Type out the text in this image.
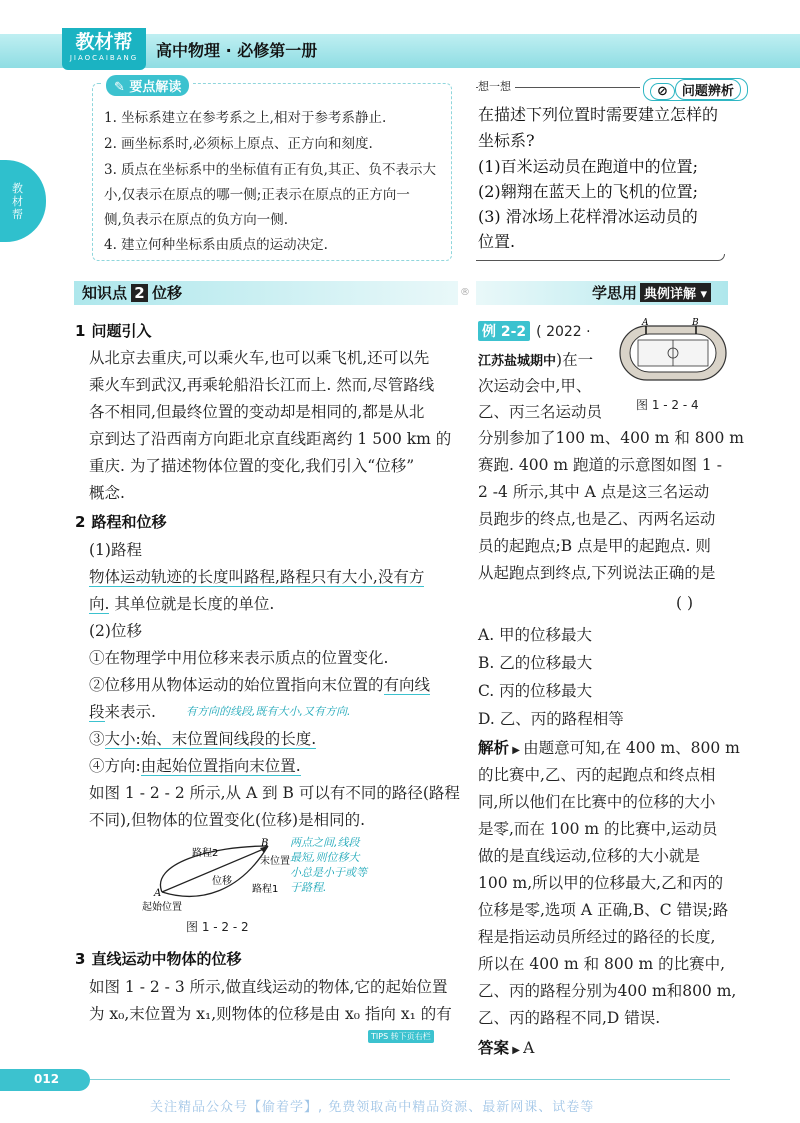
教材帮
JIAOCAIBANG	高中物理 · 必修第一册
教材帮
✎ 要点解读
1. 坐标系建立在参考系之上,相对于参考系静止.
2. 画坐标系时,必须标上原点、正方向和刻度.
3. 质点在坐标系中的坐标值有正有负,其正、负不表示大
小,仅表示在原点的哪一侧;正表示在原点的正方向一
侧,负表示在原点的负方向一侧.
4. 建立何种坐标系由质点的运动决定.
想一想	⊘问题辨析
在描述下列位置时需要建立怎样的
坐标系?
(1)百米运动员在跑道中的位置;
(2)翱翔在蓝天上的飞机的位置;
(3) 滑冰场上花样滑冰运动员的
位置.
知识点 2 位移	®	学思用 典例详解 ▾
1 问题引入
从北京去重庆,可以乘火车,也可以乘飞机,还可以先
乘火车到武汉,再乘轮船沿长江而上. 然而,尽管路线
各不相同,但最终位置的变动却是相同的,都是从北
京到达了沿西南方向距北京直线距离约 1 500 km 的
重庆. 为了描述物体位置的变化,我们引入“位移”
概念.
2 路程和位移
(1)路程
物体运动轨迹的长度叫路程,路程只有大小,没有方
向. 其单位就是长度的单位.
(2)位移
①在物理学中用位移来表示质点的位置变化.
②位移用从物体运动的始位置指向末位置的有向线
段来表示.	有方向的线段,既有大小,又有方向.
③大小:始、末位置间线段的长度.
④方向:由起始位置指向末位置.
如图 1 - 2 - 2 所示,从 A 到 B 可以有不同的路径(路程
不同),但物体的位置变化(位移)是相同的.
路程2
B
末位置
位移
路程1
A
起始位置
两点之间,线段
最短,则位移大
小总是小于或等
于路程.
图 1 - 2 - 2
3 直线运动中物体的位移
如图 1 - 2 - 3 所示,做直线运动的物体,它的起始位置
为 x₀,末位置为 x₁,则物体的位移是由 x₀ 指向 x₁ 的有
例 2-2 ( 2022 ·
江苏盐城期中)在一
次运动会中,甲、
乙、丙三名运动员
A	B
图 1 - 2 - 4
分别参加了100 m、400 m 和 800 m
赛跑. 400 m 跑道的示意图如图 1 -
2 -4 所示,其中 A 点是这三名运动
员跑步的终点,也是乙、丙两名运动
员的起跑点;B 点是甲的起跑点. 则
从起跑点到终点,下列说法正确的是
( )
A. 甲的位移最大
B. 乙的位移最大
C. 丙的位移最大
D. 乙、丙的路程相等
解析 ▶ 由题意可知,在 400 m、800 m
的比赛中,乙、丙的起跑点和终点相
同,所以他们在比赛中的位移的大小
是零,而在 100 m 的比赛中,运动员
做的是直线运动,位移的大小就是
100 m,所以甲的位移最大,乙和丙的
位移是零,选项 A 正确,B、C 错误;路
程是指运动员所经过的路径的长度,
所以在 400 m 和 800 m 的比赛中,
乙、丙的路程分别为400 m和800 m,
乙、丙的路程不同,D 错误.
答案 ▶ A
TIPS 转下页右栏
012
关注精品公众号【偷着学】, 免费领取高中精品资源、最新网课、试卷等
